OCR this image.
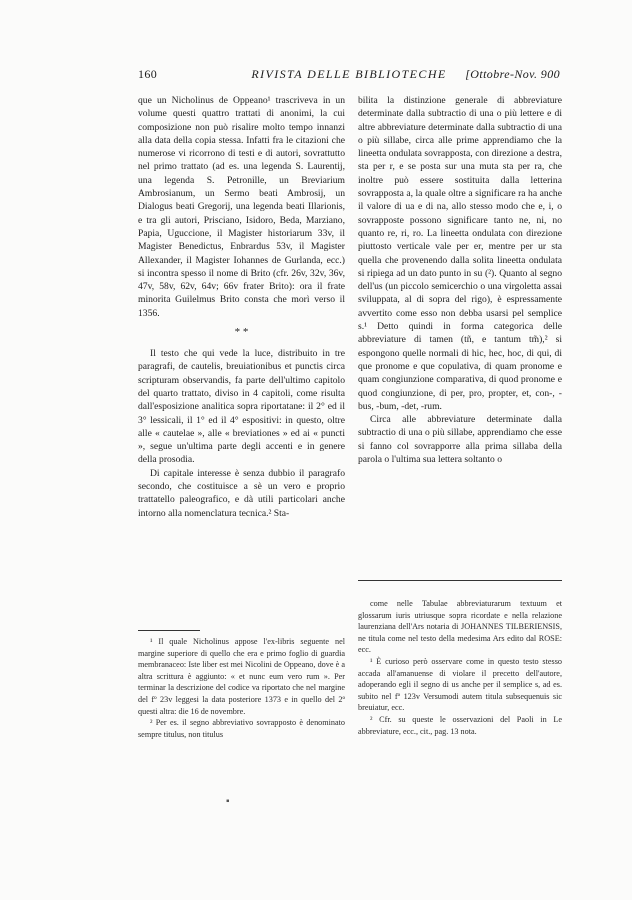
160	RIVISTA DELLE BIBLIOTECHE	[Ottobre-Nov. 900

que un Nicholinus de Oppeano¹ trascriveva in un volume questi quattro trattati di anonimi, la cui composizione non può risalire molto tempo innanzi alla data della copia stessa. Infatti fra le citazioni che numerose vi ricorrono di testi e di autori, sovrattutto nel primo trattato (ad es. una legenda S. Laurentij, una legenda S. Petronille, un Breviarium Ambrosianum, un Sermo beati Ambrosij, un Dialogus beati Gregorij, una legenda beati Illarionis, e tra gli autori, Prisciano, Isidoro, Beda, Marziano, Papia, Uguccione, il Magister historiarum 33v, il Magister Benedictus, Enbrardus 53v, il Magister Allexander, il Magister Iohannes de Gurlanda, ecc.) si incontra spesso il nome di Brito (cfr. 26v, 32v, 36v, 47v, 58v, 62v, 64v; 66v frater Brito): ora il frate minorita Guilelmus Brito consta che morì verso il 1356.

* *

Il testo che qui vede la luce, distribuito in tre paragrafi, de cautelis, breuiationibus et punctis circa scripturam observandis, fa parte dell'ultimo capitolo del quarto trattato, diviso in 4 capitoli, come risulta dall'esposizione analitica sopra riportatane: il 2° ed il 3° lessicali, il 1° ed il 4° espositivi: in questo, oltre alle « cautelae », alle « breviationes » ed ai « puncti », segue un'ultima parte degli accenti e in genere della prosodia.

Di capitale interesse è senza dubbio il paragrafo secondo, che costituisce a sè un vero e proprio trattatello paleografico, e dà utili particolari anche intorno alla nomenclatura tecnica.² Sta-

bilita la distinzione generale di abbreviature determinate dalla subtractio di una o più lettere e di altre abbreviature determinate dalla subtractio di una o più sillabe, circa alle prime apprendiamo che la lineetta ondulata sovrapposta, con direzione a destra, sta per r, e se posta sur una muta sta per ra, che inoltre può essere sostituita dalla letterina sovrapposta a, la quale oltre a significare ra ha anche il valore di ua e di na, allo stesso modo che e, i, o sovrapposte possono significare tanto ne, ni, no quanto re, ri, ro. La lineetta ondulata con direzione piuttosto verticale vale per er, mentre per ur sta quella che provenendo dalla solita lineetta ondulata si ripiega ad un dato punto in su (²). Quanto al segno dell'us (un piccolo semicerchio o una virgoletta assai sviluppata, al di sopra del rigo), è espressamente avvertito come esso non debba usarsi pel semplice s.¹ Detto quindi in forma categorica delle abbreviature di tamen (tñ, e tantum tm̃),² si espongono quelle normali di hic, hec, hoc, di qui, di que pronome e que copulativa, di quam pronome e quam congiunzione comparativa, di quod pronome e quod congiunzione, di per, pro, propter, et, con-, -bus, -bum, -det, -rum.

Circa alle abbreviature determinate dalla subtractio di una o più sillabe, apprendiamo che esse si fanno col sovrapporre alla prima sillaba della parola o l'ultima sua lettera soltanto o

¹ Il quale Nicholinus appose l'ex-libris seguente nel margine superiore di quello che era e primo foglio di guardia membranaceo: Iste liber est mei Nicolini de Oppeano, dove è a altra scrittura è aggiunto: « et nunc eum vero rum ». Per terminar la descrizione del codice va riportato che nel margine del fº 23v leggesi la data posteriore 1373 e in quello del 2º questi altra: die 16 de novembre.

² Per es. il segno abbreviativo sovrapposto è denominato sempre titulus, non titulus

come nelle Tabulae abbreviaturarum textuum et glossarum iuris utriusque sopra ricordate e nella relazione laurenziana dell'Ars notaria di JOHANNES TILBERIENSIS, ne titula come nel testo della medesima Ars edito dal ROSE: ecc.

¹ È curioso però osservare come in questo testo stesso accada all'amanuense di violare il precetto dell'autore, adoperando egli il segno di us anche per il semplice s, ad es. subito nel fº 123v Versumodi autem titula subsequenuis sic breuiatur, ecc.

² Cfr. su queste le osservazioni del Paoli in Le abbreviature, ecc., cit., pag. 13 nota.

▪
